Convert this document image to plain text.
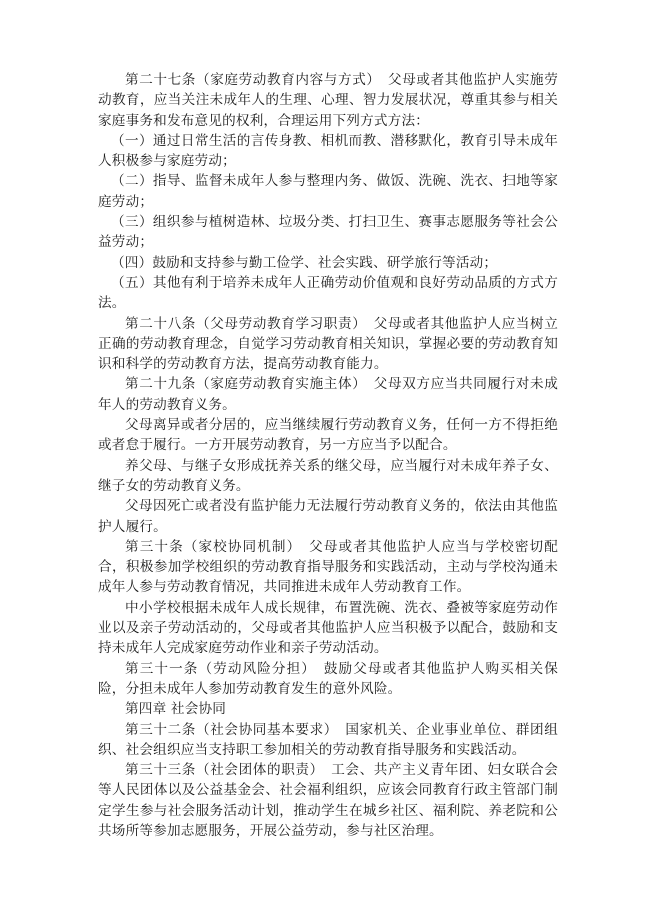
第二十七条（家庭劳动教育内容与方式）　父母或者其他监护人实施劳动教育，应当关注未成年人的生理、心理、智力发展状况，尊重其参与相关家庭事务和发布意见的权利，合理运用下列方式方法：

（一）通过日常生活的言传身教、相机而教、潜移默化，教育引导未成年人积极参与家庭劳动；

（二）指导、监督未成年人参与整理内务、做饭、洗碗、洗衣、扫地等家庭劳动；

（三）组织参与植树造林、垃圾分类、打扫卫生、赛事志愿服务等社会公益劳动；

（四）鼓励和支持参与勤工俭学、社会实践、研学旅行等活动；

（五）其他有利于培养未成年人正确劳动价值观和良好劳动品质的方式方法。

第二十八条（父母劳动教育学习职责）　父母或者其他监护人应当树立正确的劳动教育理念，自觉学习劳动教育相关知识，掌握必要的劳动教育知识和科学的劳动教育方法，提高劳动教育能力。

第二十九条（家庭劳动教育实施主体）　父母双方应当共同履行对未成年人的劳动教育义务。

父母离异或者分居的，应当继续履行劳动教育义务，任何一方不得拒绝或者怠于履行。一方开展劳动教育，另一方应当予以配合。

养父母、与继子女形成抚养关系的继父母，应当履行对未成年养子女、继子女的劳动教育义务。

父母因死亡或者没有监护能力无法履行劳动教育义务的，依法由其他监护人履行。

第三十条（家校协同机制）　父母或者其他监护人应当与学校密切配合，积极参加学校组织的劳动教育指导服务和实践活动，主动与学校沟通未成年人参与劳动教育情况，共同推进未成年人劳动教育工作。

中小学校根据未成年人成长规律，布置洗碗、洗衣、叠被等家庭劳动作业以及亲子劳动活动的，父母或者其他监护人应当积极予以配合，鼓励和支持未成年人完成家庭劳动作业和亲子劳动活动。

第三十一条（劳动风险分担）　鼓励父母或者其他监护人购买相关保险，分担未成年人参加劳动教育发生的意外风险。

第四章 社会协同

第三十二条（社会协同基本要求）　国家机关、企业事业单位、群团组织、社会组织应当支持职工参加相关的劳动教育指导服务和实践活动。

第三十三条（社会团体的职责）　工会、共产主义青年团、妇女联合会等人民团体以及公益基金会、社会福利组织，应该会同教育行政主管部门制定学生参与社会服务活动计划，推动学生在城乡社区、福利院、养老院和公共场所等参加志愿服务，开展公益劳动，参与社区治理。
